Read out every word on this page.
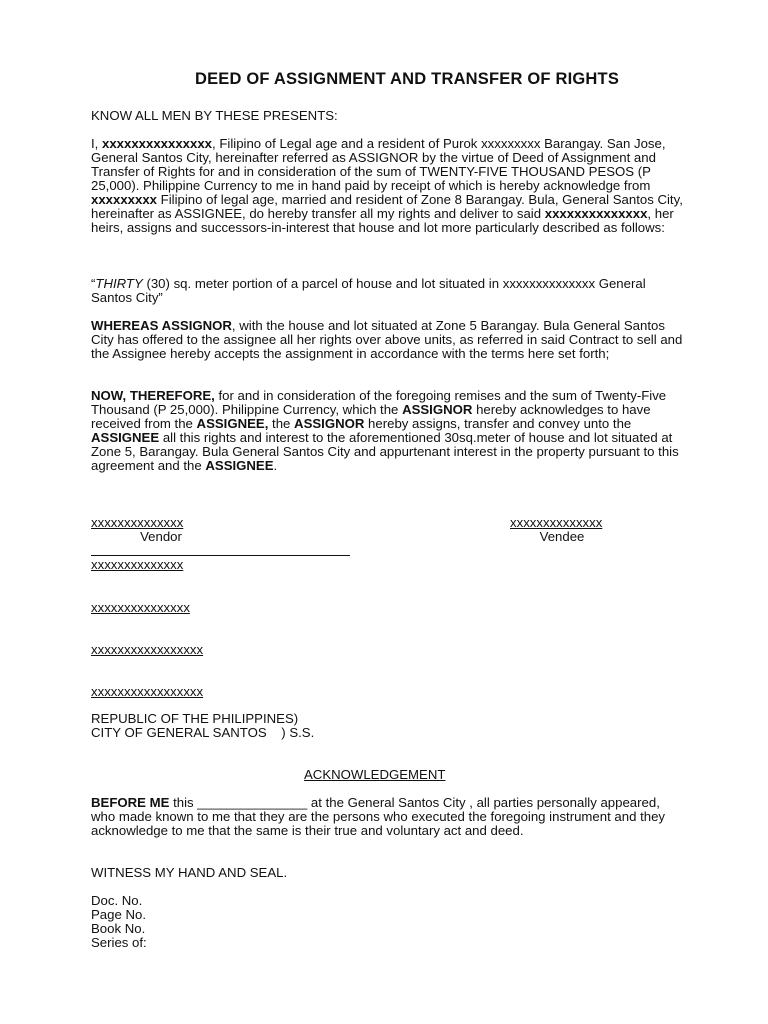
DEED OF ASSIGNMENT AND TRANSFER OF RIGHTS

KNOW ALL MEN BY THESE PRESENTS:

I, xxxxxxxxxxxxxxx, Filipino of Legal age and a resident of Purok xxxxxxxxx Barangay. San Jose, General Santos City, hereinafter referred as ASSIGNOR by the virtue of Deed of Assignment and Transfer of Rights for and in consideration of the sum of TWENTY-FIVE THOUSAND PESOS (P 25,000). Philippine Currency to me in hand paid by receipt of which is hereby acknowledge from xxxxxxxxx Filipino of legal age, married and resident of Zone 8 Barangay. Bula, General Santos City, hereinafter as ASSIGNEE, do hereby transfer all my rights and deliver to said xxxxxxxxxxxxxx, her heirs, assigns and successors-in-interest that house and lot more particularly described as follows:

“THIRTY (30) sq. meter portion of a parcel of house and lot situated in xxxxxxxxxxxxxx General Santos City”

WHEREAS ASSIGNOR, with the house and lot situated at Zone 5 Barangay. Bula General Santos City has offered to the assignee all her rights over above units, as referred in said Contract to sell and the Assignee hereby accepts the assignment in accordance with the terms here set forth;

NOW, THEREFORE, for and in consideration of the foregoing remises and the sum of Twenty-Five Thousand (P 25,000). Philippine Currency, which the ASSIGNOR hereby acknowledges to have received from the ASSIGNEE, the ASSIGNOR hereby assigns, transfer and convey unto the ASSIGNEE all this rights and interest to the aforementioned 30sq.meter of house and lot situated at Zone 5, Barangay. Bula General Santos City and appurtenant interest in the property pursuant to this agreement and the ASSIGNEE.

xxxxxxxxxxxxxx
Vendor
xxxxxxxxxxxxxx
Vendee
xxxxxxxxxxxxxx
xxxxxxxxxxxxxxx
xxxxxxxxxxxxxxxxx
xxxxxxxxxxxxxxxxx
REPUBLIC OF THE PHILIPPINES)
CITY OF GENERAL SANTOS    ) S.S.
ACKNOWLEDGEMENT

BEFORE ME this _______________ at the General Santos City , all parties personally appeared, who made known to me that they are the persons who executed the foregoing instrument and they acknowledge to me that the same is their true and voluntary act and deed.

WITNESS MY HAND AND SEAL.
Doc. No.
Page No.
Book No.
Series of:
